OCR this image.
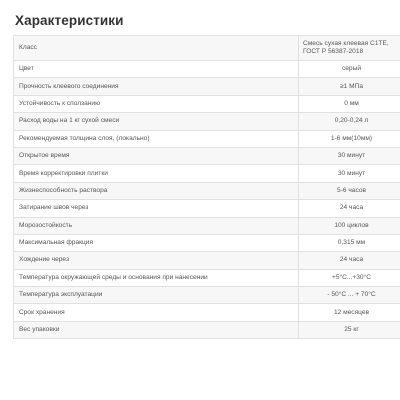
Характеристики
Класс	Смесь сухая клеевая С1ТЕ, ГОСТ Р 56387-2018
Цвет	серый
Прочность клеевого соединения	≥1 МПа
Устойчивость к сползанию	0 мм
Расход воды на 1 кг сухой смеси	0,20-0,24 л
Рекомендуемая толщина слоя, (локально)	1-6 мм(10мм)
Открытое время	30 минут
Время корректировки плитки	30 минут
Жизнеспособность раствора	5-6 часов
Затирание швов через	24 часа
Морозостойкость	100 циклов
Максимальная фракция	0,315 мм
Хождение через	24 часа
Температура окружающей среды и основания при нанесении	+5°С...+30°С
Температура эксплуатации	- 50°С ... + 70°С
Срок хранения	12 месяцев
Вес упаковки	25 кг
